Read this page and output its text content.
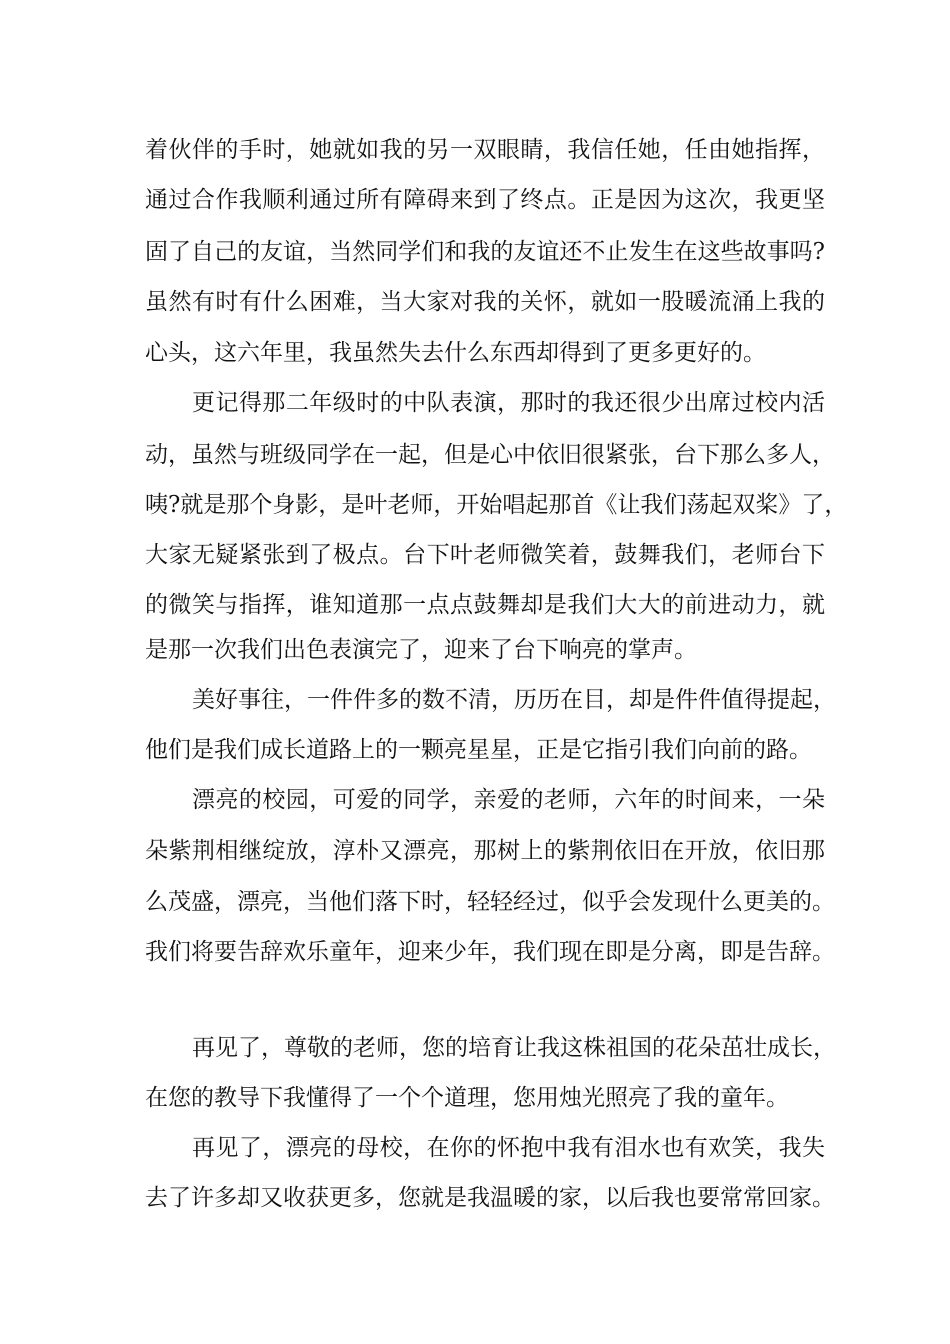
着伙伴的手时，她就如我的另一双眼睛，我信任她，任由她指挥，

通过合作我顺利通过所有障碍来到了终点。正是因为这次，我更坚

固了自己的友谊，当然同学们和我的友谊还不止发生在这些故事吗?

虽然有时有什么困难，当大家对我的关怀，就如一股暖流涌上我的

心头，这六年里，我虽然失去什么东西却得到了更多更好的。

更记得那二年级时的中队表演，那时的我还很少出席过校内活

动，虽然与班级同学在一起，但是心中依旧很紧张，台下那么多人，

咦?就是那个身影，是叶老师，开始唱起那首《让我们荡起双桨》了，

大家无疑紧张到了极点。台下叶老师微笑着，鼓舞我们，老师台下

的微笑与指挥，谁知道那一点点鼓舞却是我们大大的前进动力，就

是那一次我们出色表演完了，迎来了台下响亮的掌声。

美好事往，一件件多的数不清，历历在目，却是件件值得提起，

他们是我们成长道路上的一颗亮星星，正是它指引我们向前的路。

漂亮的校园，可爱的同学，亲爱的老师，六年的时间来，一朵

朵紫荆相继绽放，淳朴又漂亮，那树上的紫荆依旧在开放，依旧那

么茂盛，漂亮，当他们落下时，轻轻经过，似乎会发现什么更美的。

我们将要告辞欢乐童年，迎来少年，我们现在即是分离，即是告辞。

再见了，尊敬的老师，您的培育让我这株祖国的花朵茁壮成长，

在您的教导下我懂得了一个个道理，您用烛光照亮了我的童年。

再见了，漂亮的母校，在你的怀抱中我有泪水也有欢笑，我失

去了许多却又收获更多，您就是我温暖的家，以后我也要常常回家。
